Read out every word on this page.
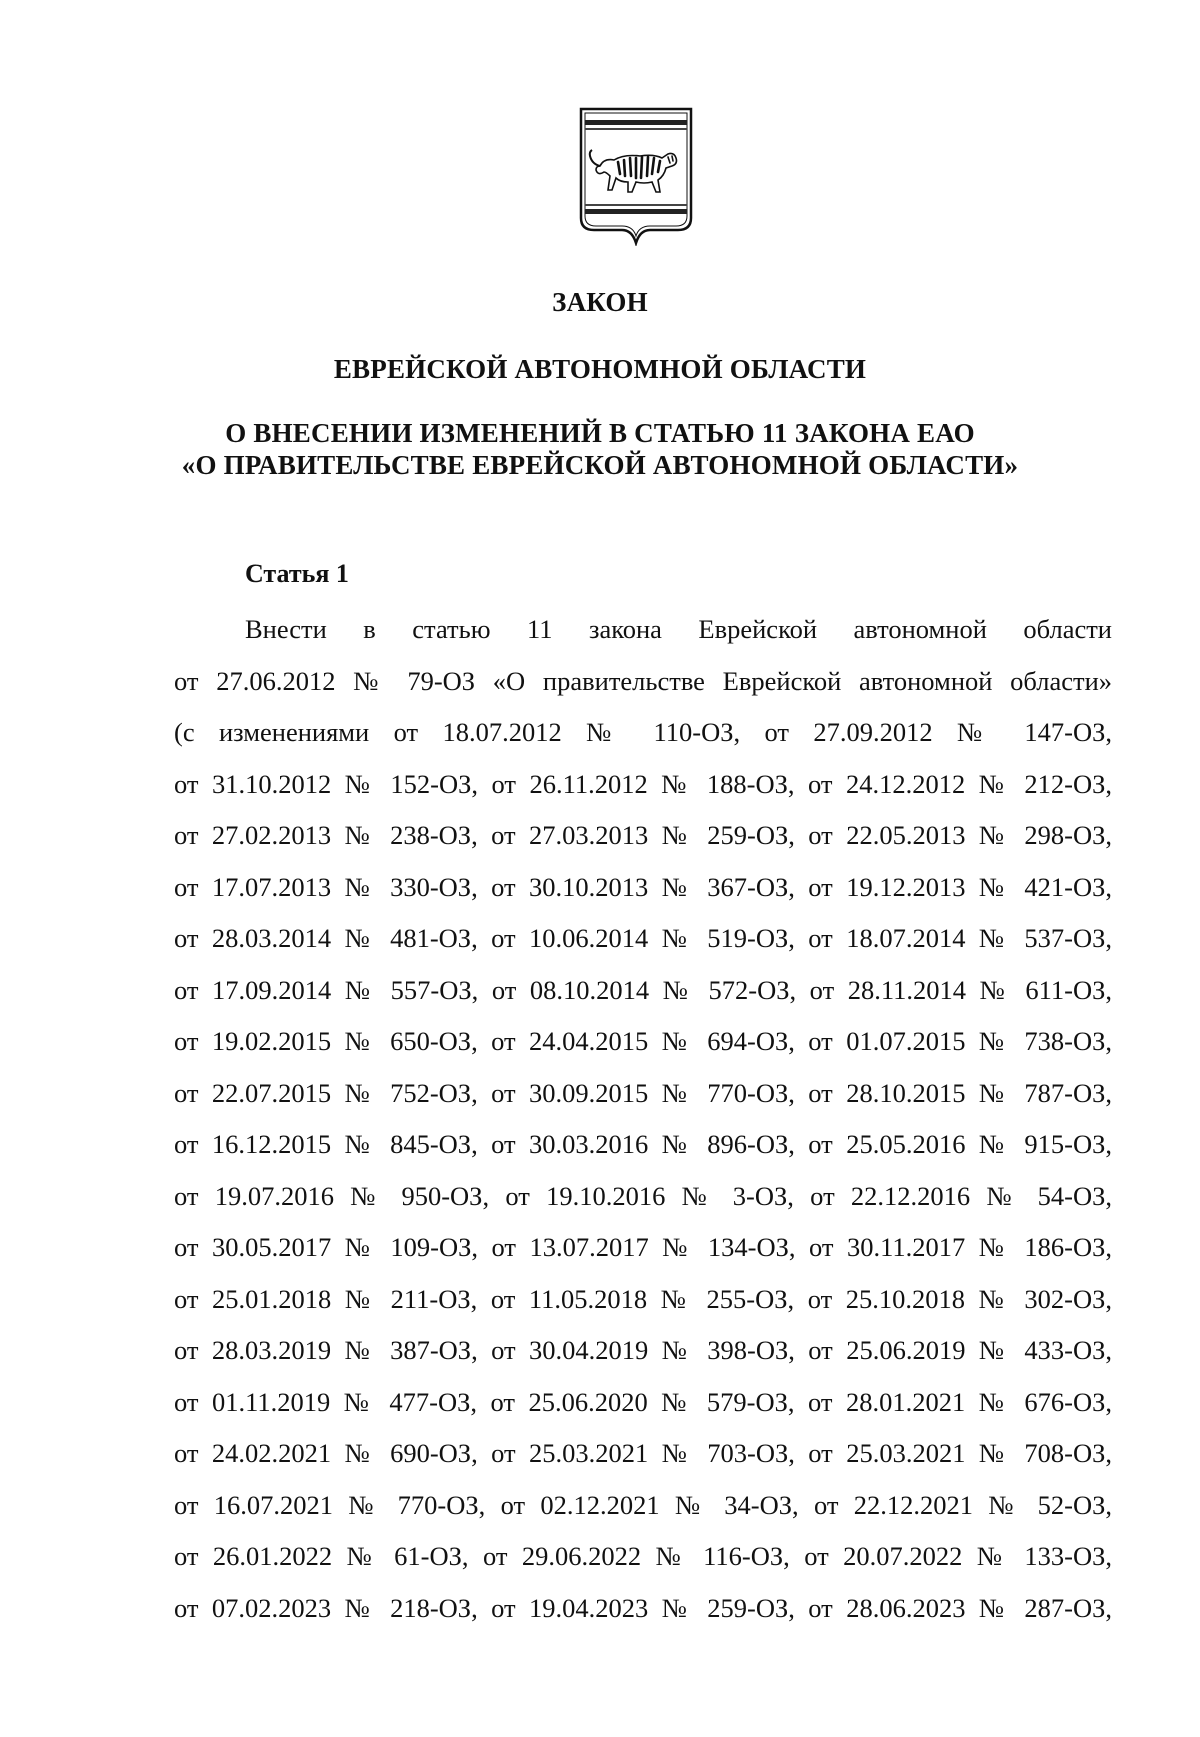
ЗАКОН
ЕВРЕЙСКОЙ АВТОНОМНОЙ ОБЛАСТИ
О ВНЕСЕНИИ ИЗМЕНЕНИЙ В СТАТЬЮ 11 ЗАКОНА ЕАО
«О ПРАВИТЕЛЬСТВЕ ЕВРЕЙСКОЙ АВТОНОМНОЙ ОБЛАСТИ»
Статья 1
Внести в статью 11 закона Еврейской автономной области
от 27.06.2012 № 79-ОЗ «О правительстве Еврейской автономной области»
(с изменениями от 18.07.2012 № 110-ОЗ, от 27.09.2012 № 147-ОЗ,
от 31.10.2012 № 152-ОЗ, от 26.11.2012 № 188-ОЗ, от 24.12.2012 № 212-ОЗ,
от 27.02.2013 № 238-ОЗ, от 27.03.2013 № 259-ОЗ, от 22.05.2013 № 298-ОЗ,
от 17.07.2013 № 330-ОЗ, от 30.10.2013 № 367-ОЗ, от 19.12.2013 № 421-ОЗ,
от 28.03.2014 № 481-ОЗ, от 10.06.2014 № 519-ОЗ, от 18.07.2014 № 537-ОЗ,
от 17.09.2014 № 557-ОЗ, от 08.10.2014 № 572-ОЗ, от 28.11.2014 № 611-ОЗ,
от 19.02.2015 № 650-ОЗ, от 24.04.2015 № 694-ОЗ, от 01.07.2015 № 738-ОЗ,
от 22.07.2015 № 752-ОЗ, от 30.09.2015 № 770-ОЗ, от 28.10.2015 № 787-ОЗ,
от 16.12.2015 № 845-ОЗ, от 30.03.2016 № 896-ОЗ, от 25.05.2016 № 915-ОЗ,
от 19.07.2016 № 950-ОЗ, от 19.10.2016 № 3-ОЗ, от 22.12.2016 № 54-ОЗ,
от 30.05.2017 № 109-ОЗ, от 13.07.2017 № 134-ОЗ, от 30.11.2017 № 186-ОЗ,
от 25.01.2018 № 211-ОЗ, от 11.05.2018 № 255-ОЗ, от 25.10.2018 № 302-ОЗ,
от 28.03.2019 № 387-ОЗ, от 30.04.2019 № 398-ОЗ, от 25.06.2019 № 433-ОЗ,
от 01.11.2019 № 477-ОЗ, от 25.06.2020 № 579-ОЗ, от 28.01.2021 № 676-ОЗ,
от 24.02.2021 № 690-ОЗ, от 25.03.2021 № 703-ОЗ, от 25.03.2021 № 708-ОЗ,
от 16.07.2021 № 770-ОЗ, от 02.12.2021 № 34-ОЗ, от 22.12.2021 № 52-ОЗ,
от 26.01.2022 № 61-ОЗ, от 29.06.2022 № 116-ОЗ, от 20.07.2022 № 133-ОЗ,
от 07.02.2023 № 218-ОЗ, от 19.04.2023 № 259-ОЗ, от 28.06.2023 № 287-ОЗ,
